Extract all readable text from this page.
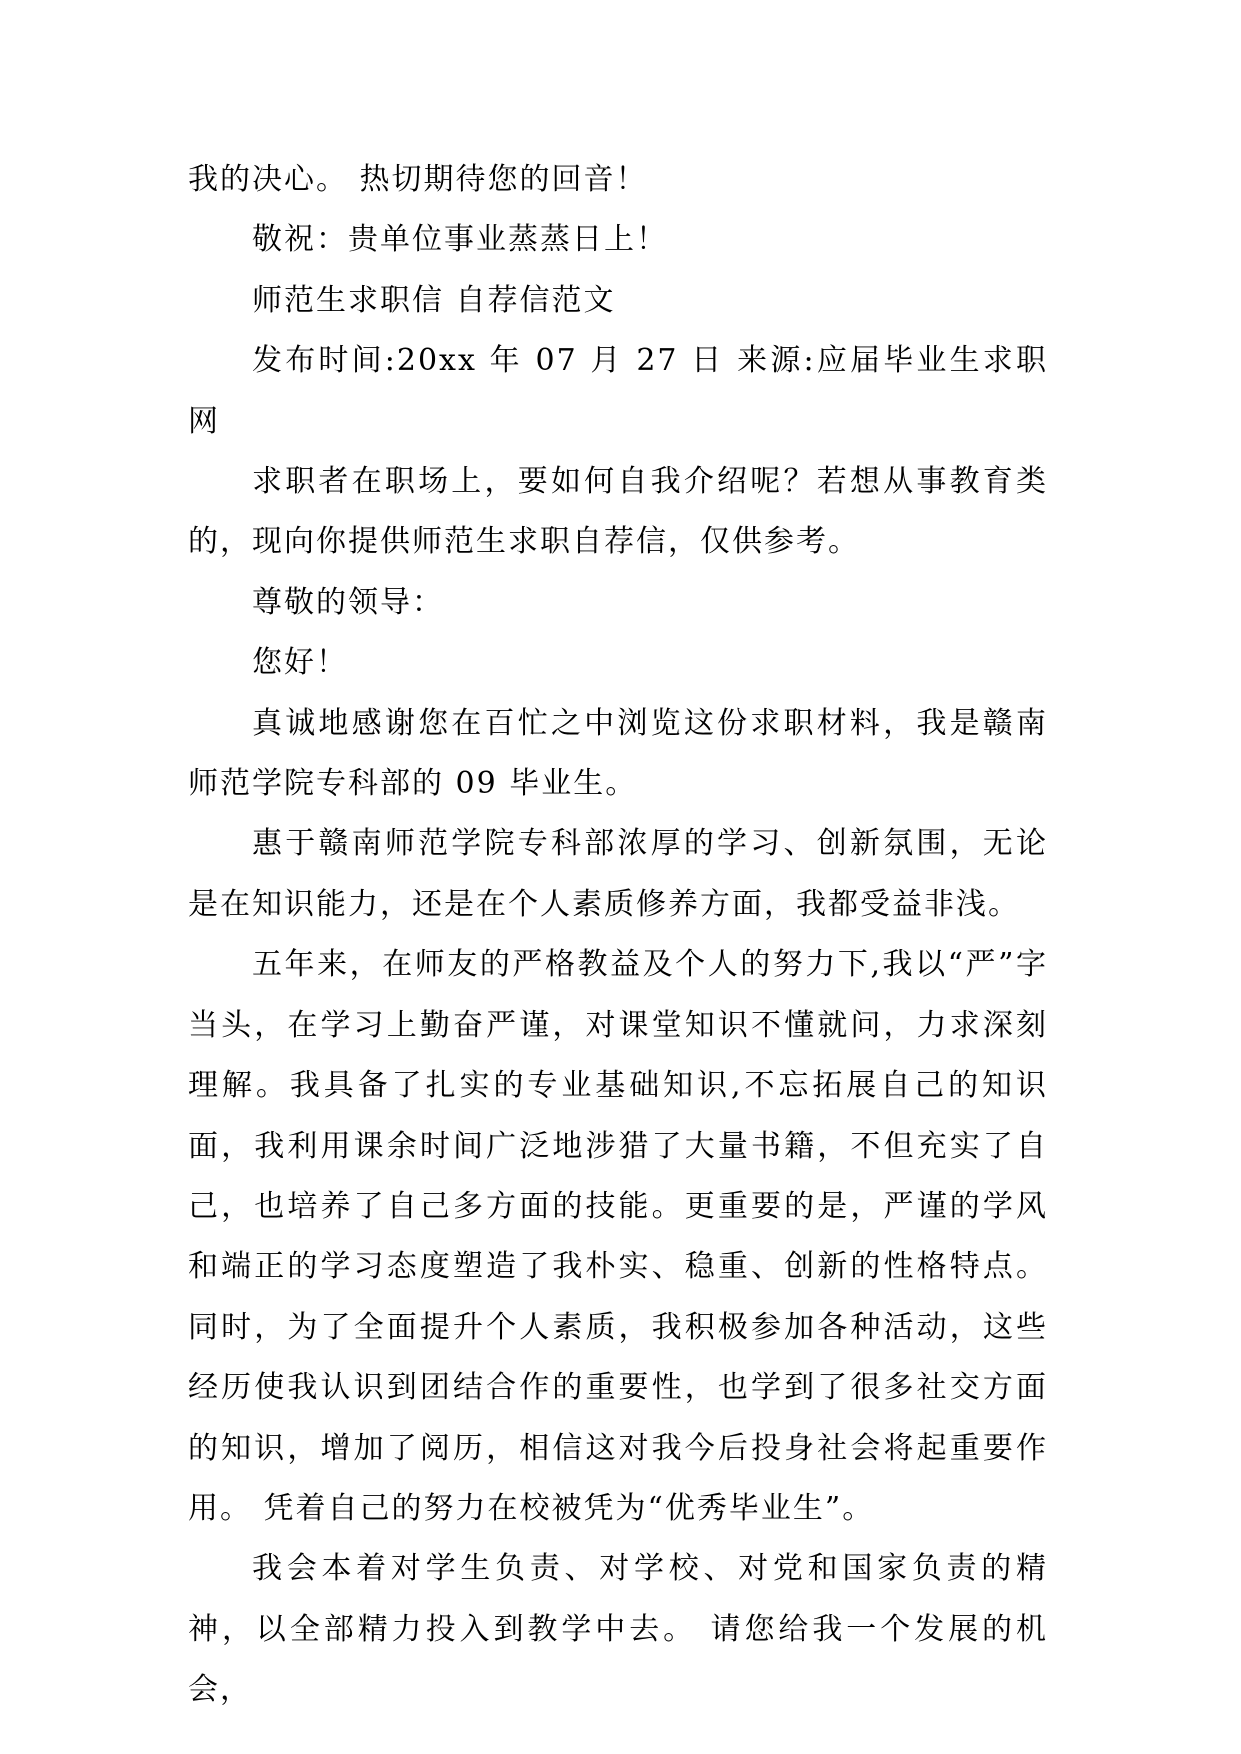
我的决心。 热切期待您的回音！

敬祝：贵单位事业蒸蒸日上！

师范生求职信 自荐信范文

发布时间:20xx 年 07 月 27 日 来源:应届毕业生求职网

求职者在职场上，要如何自我介绍呢？若想从事教育类的，现向你提供师范生求职自荐信，仅供参考。

尊敬的领导：

您好！

真诚地感谢您在百忙之中浏览这份求职材料，我是赣南师范学院专科部的 09 毕业生。

惠于赣南师范学院专科部浓厚的学习、创新氛围，无论是在知识能力，还是在个人素质修养方面，我都受益非浅。

五年来，在师友的严格教益及个人的努力下,我以“严”字当头，在学习上勤奋严谨，对课堂知识不懂就问，力求深刻理解。我具备了扎实的专业基础知识,不忘拓展自己的知识面，我利用课余时间广泛地涉猎了大量书籍，不但充实了自己，也培养了自己多方面的技能。更重要的是，严谨的学风和端正的学习态度塑造了我朴实、稳重、创新的性格特点。同时，为了全面提升个人素质，我积极参加各种活动，这些经历使我认识到团结合作的重要性，也学到了很多社交方面的知识，增加了阅历，相信这对我今后投身社会将起重要作用。 凭着自己的努力在校被凭为“优秀毕业生”。

我会本着对学生负责、对学校、对党和国家负责的精神，以全部精力投入到教学中去。 请您给我一个发展的机会，
